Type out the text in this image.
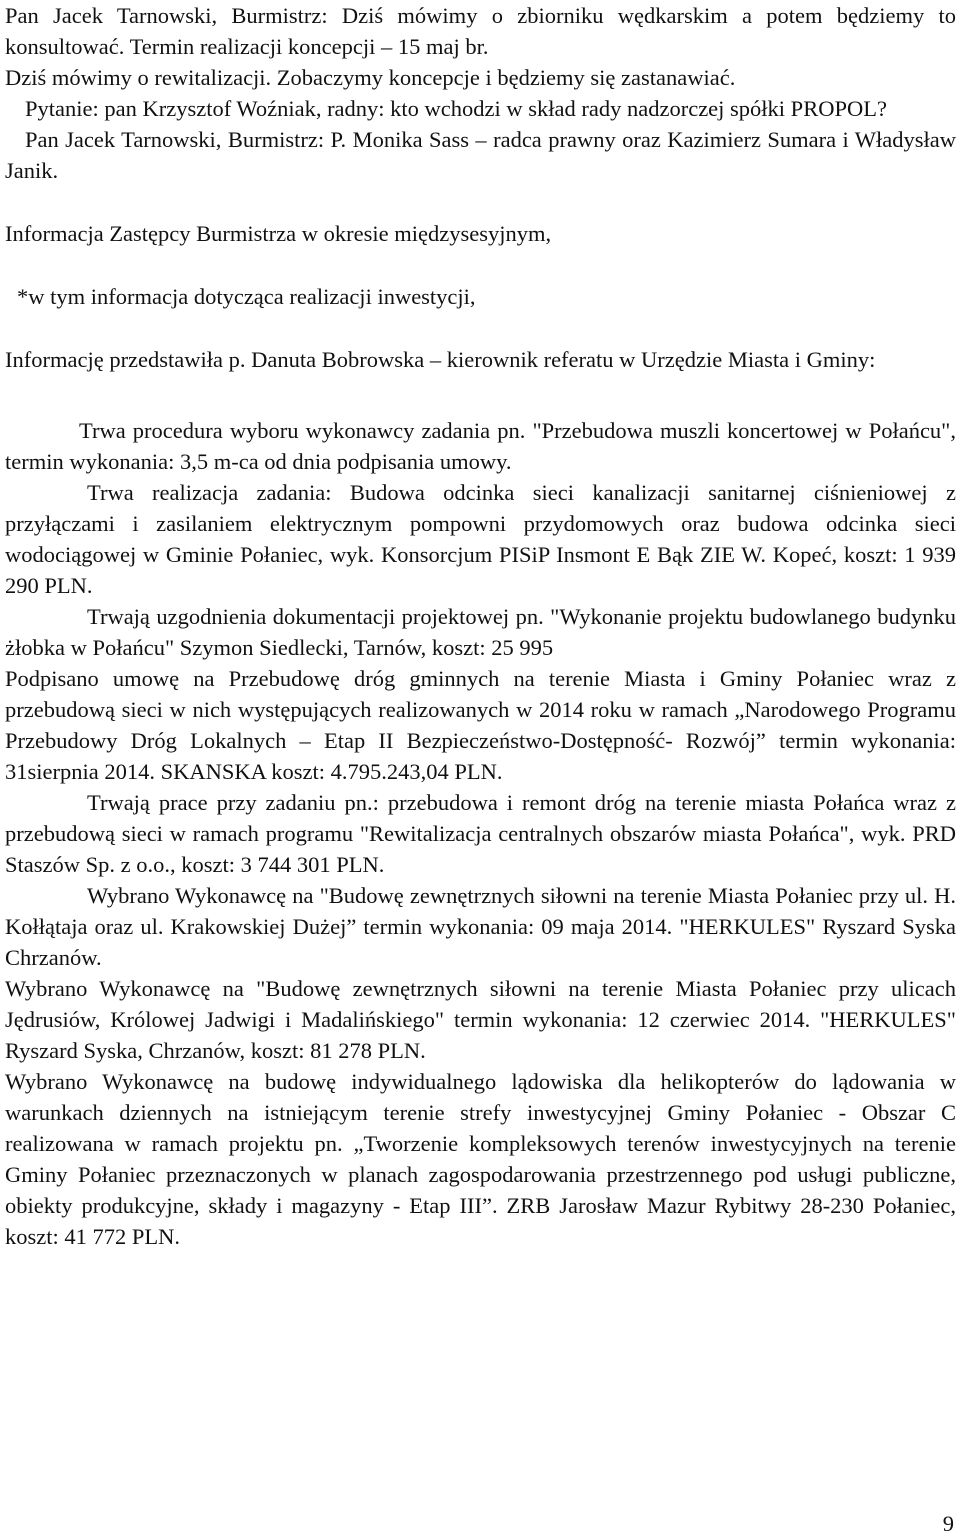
Pan Jacek Tarnowski, Burmistrz: Dziś mówimy o zbiorniku wędkarskim a potem będziemy to konsultować. Termin realizacji koncepcji – 15 maj br.

Dziś mówimy o rewitalizacji. Zobaczymy koncepcje i będziemy się zastanawiać.

Pytanie: pan Krzysztof Woźniak, radny: kto wchodzi w skład rady nadzorczej spółki PROPOL?

Pan Jacek Tarnowski, Burmistrz: P. Monika Sass – radca prawny oraz Kazimierz Sumara i Władysław Janik.

Informacja Zastępcy Burmistrza w okresie międzysesyjnym,

*w tym informacja dotycząca realizacji inwestycji,

Informację przedstawiła p. Danuta Bobrowska – kierownik referatu w Urzędzie Miasta i Gminy:

Trwa procedura wyboru wykonawcy zadania pn. "Przebudowa muszli koncertowej w Połańcu", termin wykonania: 3,5 m-ca od dnia podpisania umowy.

Trwa realizacja zadania: Budowa odcinka sieci kanalizacji sanitarnej ciśnieniowej z przyłączami i zasilaniem elektrycznym pompowni przydomowych oraz budowa odcinka sieci wodociągowej w Gminie Połaniec, wyk. Konsorcjum PISiP Insmont E Bąk ZIE W. Kopeć, koszt: 1 939 290 PLN.

Trwają uzgodnienia dokumentacji projektowej pn. "Wykonanie projektu budowlanego budynku żłobka w Połańcu" Szymon Siedlecki, Tarnów, koszt: 25 995

Podpisano umowę na Przebudowę dróg gminnych na terenie Miasta i Gminy Połaniec wraz z przebudową sieci w nich występujących realizowanych w 2014 roku w ramach „Narodowego Programu Przebudowy Dróg Lokalnych – Etap II Bezpieczeństwo-Dostępność- Rozwój” termin wykonania: 31sierpnia 2014. SKANSKA koszt: 4.795.243,04 PLN.

Trwają prace przy zadaniu pn.: przebudowa i remont dróg na terenie miasta Połańca wraz z przebudową sieci w ramach programu "Rewitalizacja centralnych obszarów miasta Połańca", wyk. PRD Staszów Sp. z o.o., koszt: 3 744 301 PLN.

Wybrano Wykonawcę na "Budowę zewnętrznych siłowni na terenie Miasta Połaniec przy ul. H. Kołłątaja oraz ul. Krakowskiej Dużej” termin wykonania: 09 maja 2014. "HERKULES" Ryszard Syska Chrzanów.

Wybrano Wykonawcę na "Budowę zewnętrznych siłowni na terenie Miasta Połaniec przy ulicach Jędrusiów, Królowej Jadwigi i Madalińskiego" termin wykonania: 12 czerwiec 2014. "HERKULES" Ryszard Syska, Chrzanów, koszt: 81 278 PLN.

Wybrano Wykonawcę na budowę indywidualnego lądowiska dla helikopterów do lądowania w warunkach dziennych na istniejącym terenie strefy inwestycyjnej Gminy Połaniec - Obszar C realizowana w ramach projektu pn. „Tworzenie kompleksowych terenów inwestycyjnych na terenie Gminy Połaniec przeznaczonych w planach zagospodarowania przestrzennego pod usługi publiczne, obiekty produkcyjne, składy i magazyny - Etap III”. ZRB Jarosław Mazur Rybitwy 28-230 Połaniec, koszt: 41 772 PLN.

9
